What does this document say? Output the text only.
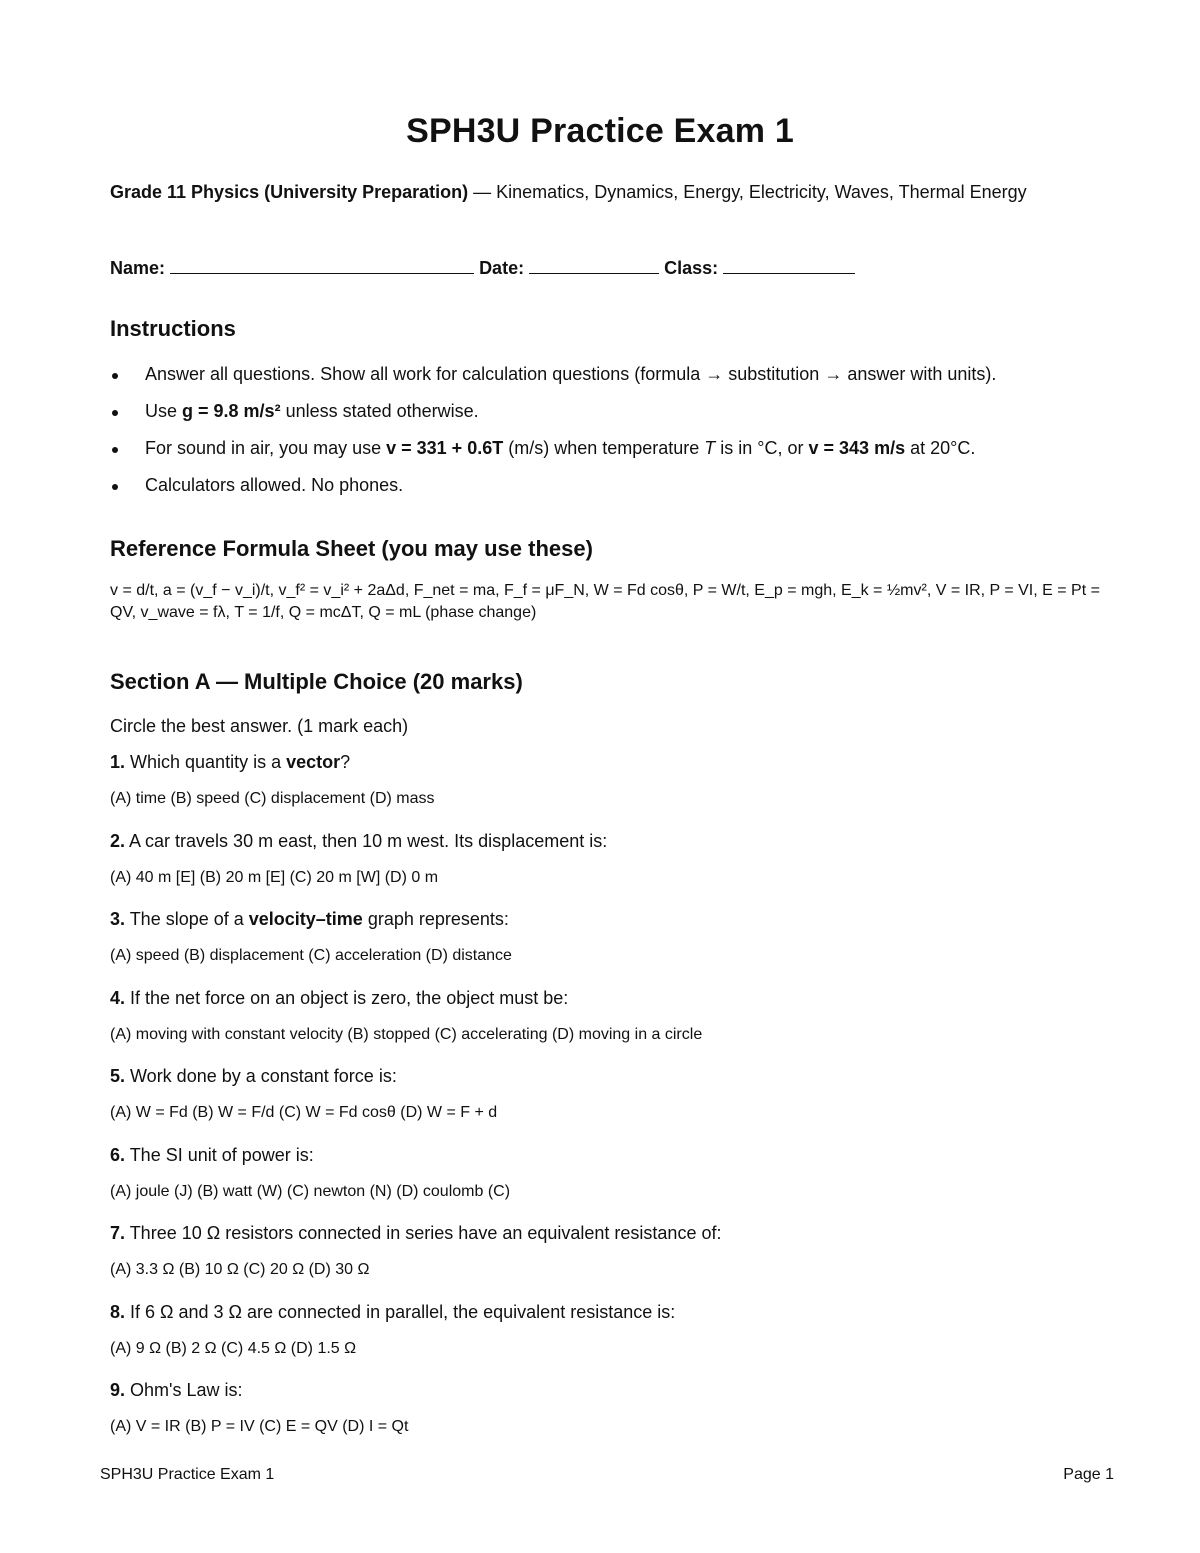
SPH3U Practice Exam 1
Grade 11 Physics (University Preparation) — Kinematics, Dynamics, Energy, Electricity, Waves, Thermal Energy
Name:	Date:	Class:
Instructions
Answer all questions. Show all work for calculation questions (formula → substitution → answer with units).
Use g = 9.8 m/s² unless stated otherwise.
For sound in air, you may use v = 331 + 0.6T (m/s) when temperature T is in °C, or v = 343 m/s at 20°C.
Calculators allowed. No phones.
Reference Formula Sheet (you may use these)
v = d/t, a = (v_f − v_i)/t, v_f² = v_i² + 2aΔd, F_net = ma, F_f = μF_N, W = Fd cosθ, P = W/t, E_p = mgh, E_k = ½mv², V = IR, P = VI, E = Pt = QV, v_wave = fλ, T = 1/f, Q = mcΔT, Q = mL (phase change)
Section A — Multiple Choice (20 marks)
Circle the best answer. (1 mark each)
1. Which quantity is a vector?
(A) time (B) speed (C) displacement (D) mass
2. A car travels 30 m east, then 10 m west. Its displacement is:
(A) 40 m [E] (B) 20 m [E] (C) 20 m [W] (D) 0 m
3. The slope of a velocity–time graph represents:
(A) speed (B) displacement (C) acceleration (D) distance
4. If the net force on an object is zero, the object must be:
(A) moving with constant velocity (B) stopped (C) accelerating (D) moving in a circle
5. Work done by a constant force is:
(A) W = Fd (B) W = F/d (C) W = Fd cosθ (D) W = F + d
6. The SI unit of power is:
(A) joule (J) (B) watt (W) (C) newton (N) (D) coulomb (C)
7. Three 10 Ω resistors connected in series have an equivalent resistance of:
(A) 3.3 Ω (B) 10 Ω (C) 20 Ω (D) 30 Ω
8. If 6 Ω and 3 Ω are connected in parallel, the equivalent resistance is:
(A) 9 Ω (B) 2 Ω (C) 4.5 Ω (D) 1.5 Ω
9. Ohm's Law is:
(A) V = IR (B) P = IV (C) E = QV (D) I = Qt
SPH3U Practice Exam 1	Page 1
